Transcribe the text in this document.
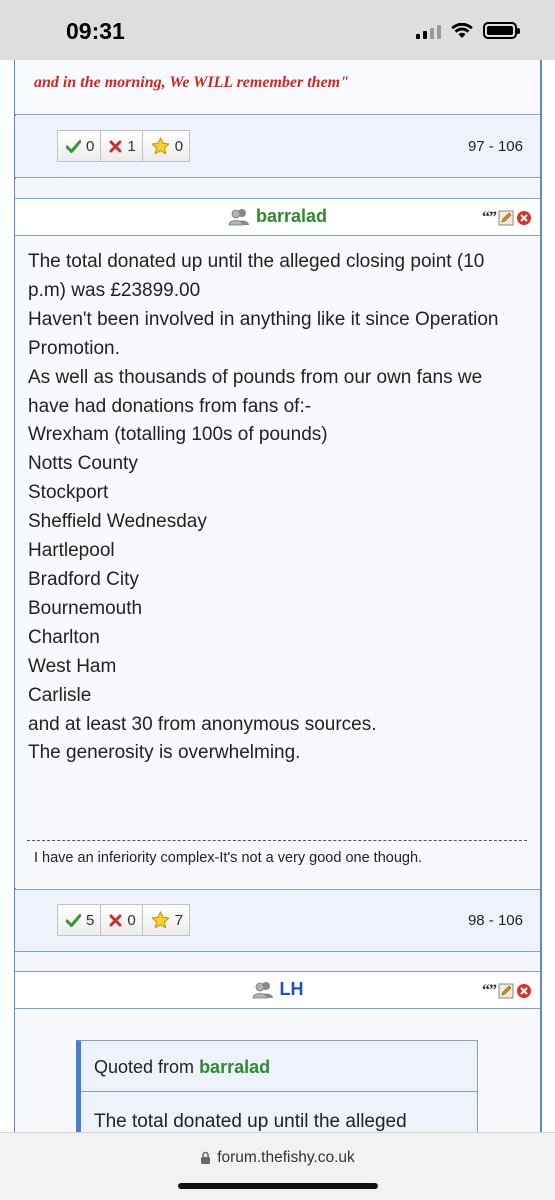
09:31
and in the morning, We WILL remember them"
0 1	0	97 - 106
barralad	“”
The total donated up until the alleged closing point (10
p.m) was £23899.00
Haven't been involved in anything like it since Operation
Promotion.
As well as thousands of pounds from our own fans we
have had donations from fans of:-
Wrexham (totalling 100s of pounds)
Notts County
Stockport
Sheffield Wednesday
Hartlepool
Bradford City
Bournemouth
Charlton
West Ham
Carlisle
and at least 30 from anonymous sources.
The generosity is overwhelming.
I have an inferiority complex-It's not a very good one though.
5 0	7	98 - 106
LH	“”
Quoted from barralad
The total donated up until the alleged
forum.thefishy.co.uk
